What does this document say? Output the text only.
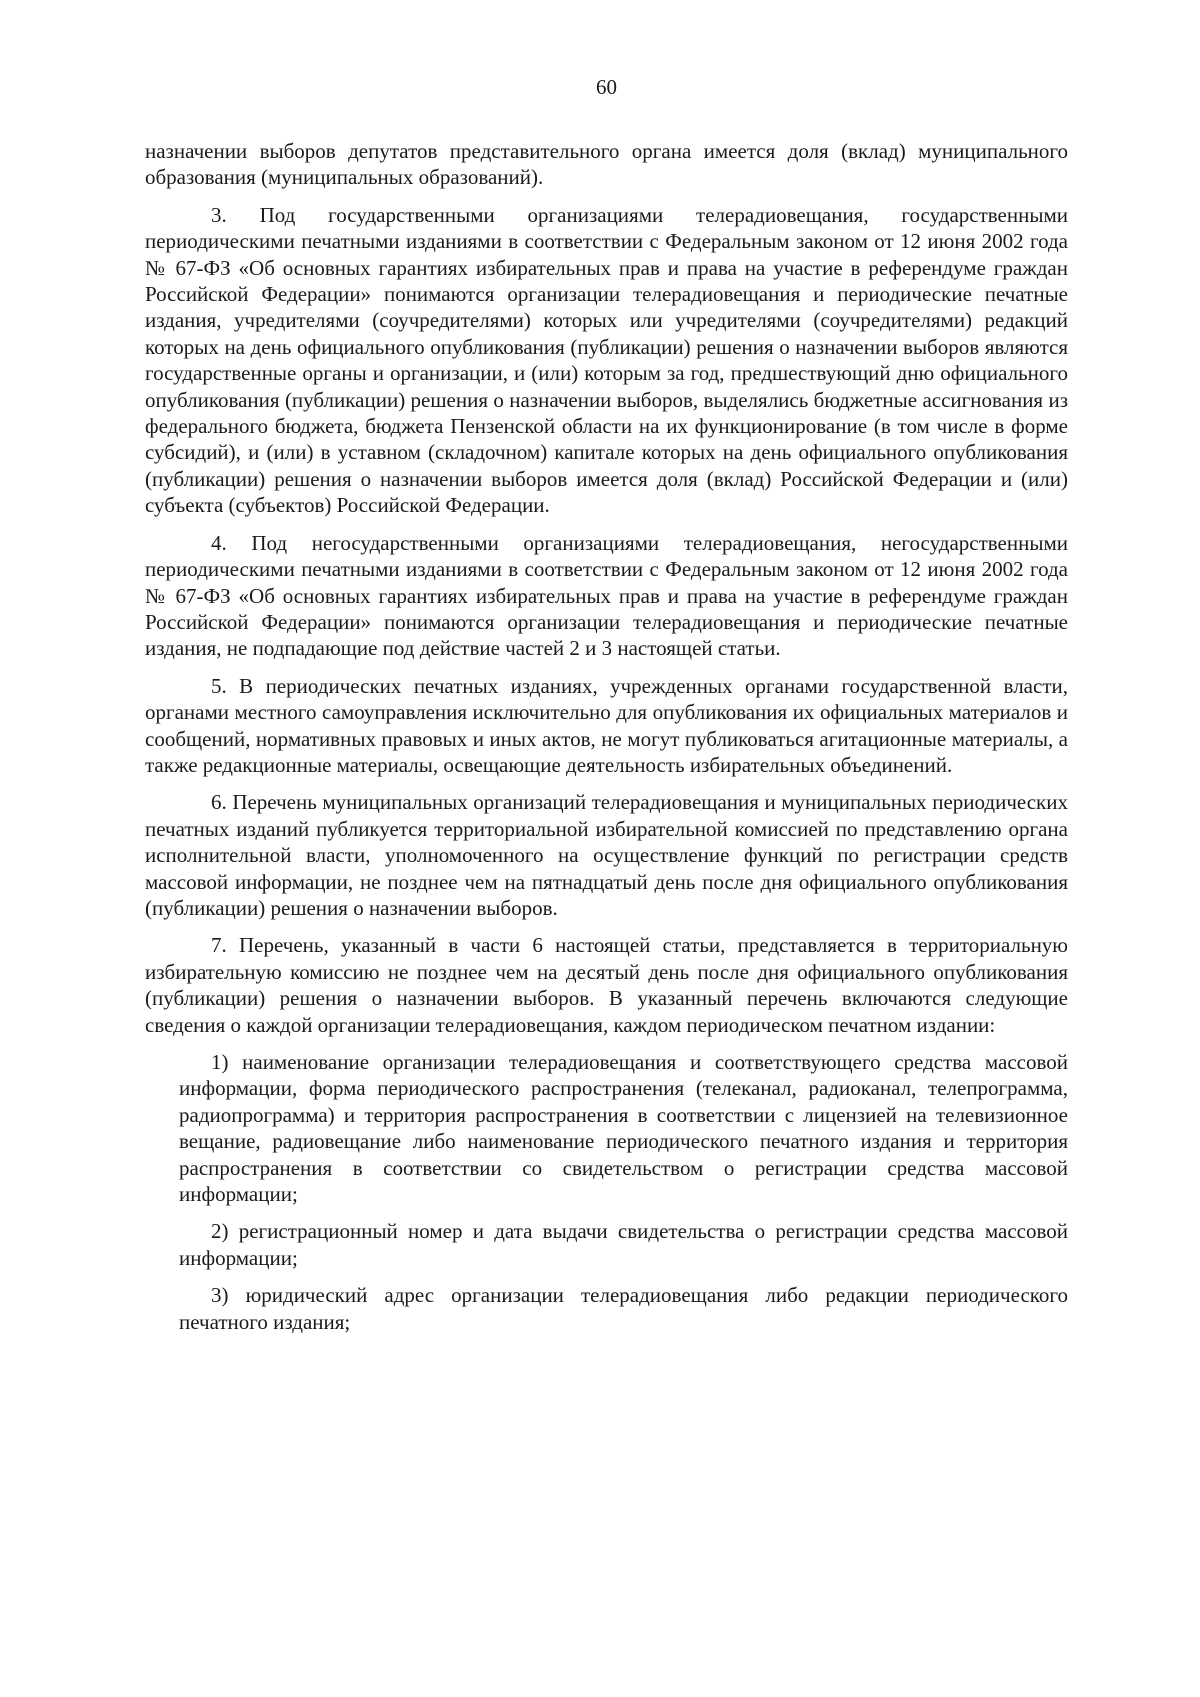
60

назначении выборов депутатов представительного органа имеется доля (вклад) муниципального образования (муниципальных образований).

3. Под государственными организациями телерадиовещания, государственными периодическими печатными изданиями в соответствии с Федеральным законом от 12 июня 2002 года № 67-ФЗ «Об основных гарантиях избирательных прав и права на участие в референдуме граждан Российской Федерации» понимаются организации телерадиовещания и периодические печатные издания, учредителями (соучредителями) которых или учредителями (соучредителями) редакций которых на день официального опубликования (публикации) решения о назначении выборов являются государственные органы и организации, и (или) которым за год, предшествующий дню официального опубликования (публикации) решения о назначении выборов, выделялись бюджетные ассигнования из федерального бюджета, бюджета Пензенской области на их функционирование (в том числе в форме субсидий), и (или) в уставном (складочном) капитале которых на день официального опубликования (публикации) решения о назначении выборов имеется доля (вклад) Российской Федерации и (или) субъекта (субъектов) Российской Федерации.

4. Под негосударственными организациями телерадиовещания, негосударственными периодическими печатными изданиями в соответствии с Федеральным законом от 12 июня 2002 года № 67-ФЗ «Об основных гарантиях избирательных прав и права на участие в референдуме граждан Российской Федерации» понимаются организации телерадиовещания и периодические печатные издания, не подпадающие под действие частей 2 и 3 настоящей статьи.

5. В периодических печатных изданиях, учрежденных органами государственной власти, органами местного самоуправления исключительно для опубликования их официальных материалов и сообщений, нормативных правовых и иных актов, не могут публиковаться агитационные материалы, а также редакционные материалы, освещающие деятельность избирательных объединений.

6. Перечень муниципальных организаций телерадиовещания и муниципальных периодических печатных изданий публикуется территориальной избирательной комиссией по представлению органа исполнительной власти, уполномоченного на осуществление функций по регистрации средств массовой информации, не позднее чем на пятнадцатый день после дня официального опубликования (публикации) решения о назначении выборов.

7. Перечень, указанный в части 6 настоящей статьи, представляется в территориальную избирательную комиссию не позднее чем на десятый день после дня официального опубликования (публикации) решения о назначении выборов. В указанный перечень включаются следующие сведения о каждой организации телерадиовещания, каждом периодическом печатном издании:

1) наименование организации телерадиовещания и соответствующего средства массовой информации, форма периодического распространения (телеканал, радиоканал, телепрограмма, радиопрограмма) и территория распространения в соответствии с лицензией на телевизионное вещание, радиовещание либо наименование периодического печатного издания и территория распространения в соответствии со свидетельством о регистрации средства массовой информации;

2) регистрационный номер и дата выдачи свидетельства о регистрации средства массовой информации;

3) юридический адрес организации телерадиовещания либо редакции периодического печатного издания;
